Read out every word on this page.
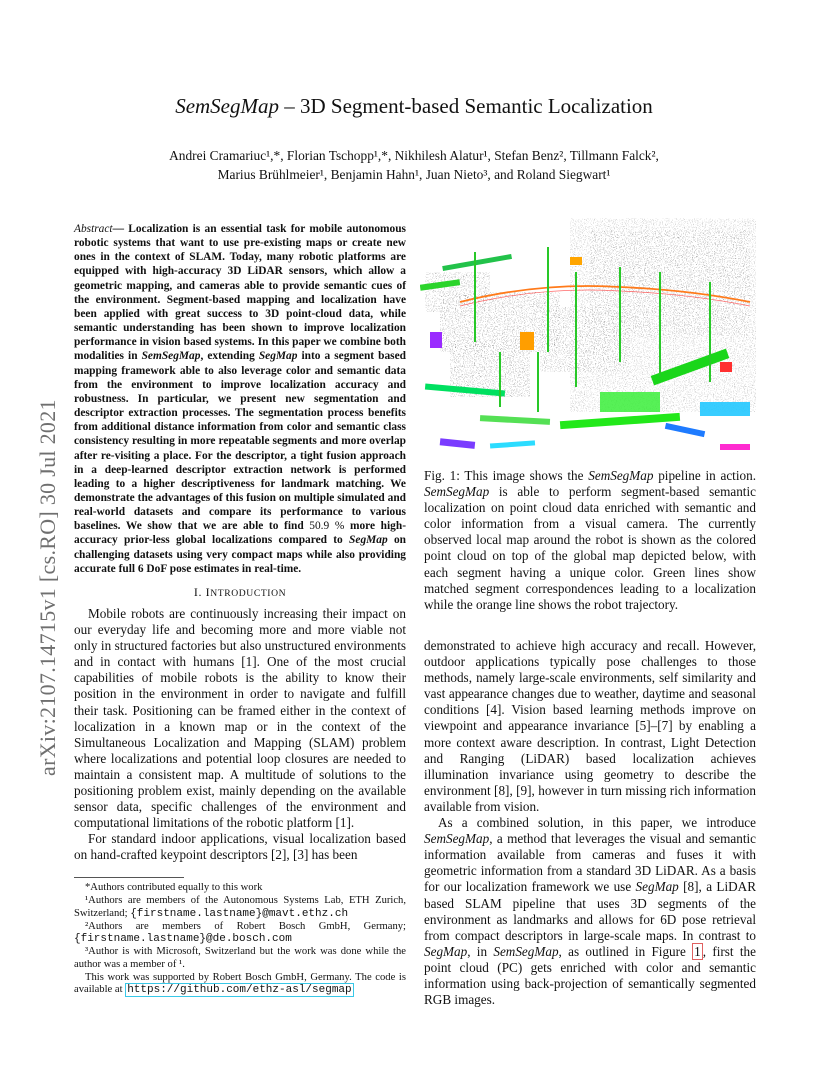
arXiv:2107.14715v1 [cs.RO] 30 Jul 2021
SemSegMap – 3D Segment-based Semantic Localization
Andrei Cramariuc¹,*, Florian Tschopp¹,*, Nikhilesh Alatur¹, Stefan Benz², Tillmann Falck²,
Marius Brühlmeier¹, Benjamin Hahn¹, Juan Nieto³, and Roland Siegwart¹
Abstract— Localization is an essential task for mobile autonomous robotic systems that want to use pre-existing maps or create new ones in the context of SLAM. Today, many robotic platforms are equipped with high-accuracy 3D LiDAR sensors, which allow a geometric mapping, and cameras able to provide semantic cues of the environment. Segment-based mapping and localization have been applied with great success to 3D point-cloud data, while semantic understanding has been shown to improve localization performance in vision based systems. In this paper we combine both modalities in SemSegMap, extending SegMap into a segment based mapping framework able to also leverage color and semantic data from the environment to improve localization accuracy and robustness. In particular, we present new segmentation and descriptor extraction processes. The segmentation process benefits from additional distance information from color and semantic class consistency resulting in more repeatable segments and more overlap after re-visiting a place. For the descriptor, a tight fusion approach in a deep-learned descriptor extraction network is performed leading to a higher descriptiveness for landmark matching. We demonstrate the advantages of this fusion on multiple simulated and real-world datasets and compare its performance to various baselines. We show that we are able to find 50.9 % more high-accuracy prior-less global localizations compared to SegMap on challenging datasets using very compact maps while also providing accurate full 6 DoF pose estimates in real-time.
I. INTRODUCTION

Mobile robots are continuously increasing their impact on our everyday life and becoming more and more viable not only in structured factories but also unstructured environments and in contact with humans [1]. One of the most crucial capabilities of mobile robots is the ability to know their position in the environment in order to navigate and fulfill their task. Positioning can be framed either in the context of localization in a known map or in the context of the Simultaneous Localization and Mapping (SLAM) problem where localizations and potential loop closures are needed to maintain a consistent map. A multitude of solutions to the positioning problem exist, mainly depending on the available sensor data, specific challenges of the environment and computational limitations of the robotic platform [1].

For standard indoor applications, visual localization based on hand-crafted keypoint descriptors [2], [3] has been

*Authors contributed equally to this work

¹Authors are members of the Autonomous Systems Lab, ETH Zurich, Switzerland; {firstname.lastname}@mavt.ethz.ch

²Authors are members of Robert Bosch GmbH, Germany; {firstname.lastname}@de.bosch.com

³Author is with Microsoft, Switzerland but the work was done while the author was a member of ¹.

This work was supported by Robert Bosch GmbH, Germany. The code is available at https://github.com/ethz-asl/segmap

Fig. 1: This image shows the SemSegMap pipeline in action. SemSegMap is able to perform segment-based semantic localization on point cloud data enriched with semantic and color information from a visual camera. The currently observed local map around the robot is shown as the colored point cloud on top of the global map depicted below, with each segment having a unique color. Green lines show matched segment correspondences leading to a localization while the orange line shows the robot trajectory.

demonstrated to achieve high accuracy and recall. However, outdoor applications typically pose challenges to those methods, namely large-scale environments, self similarity and vast appearance changes due to weather, daytime and seasonal conditions [4]. Vision based learning methods improve on viewpoint and appearance invariance [5]–[7] by enabling a more context aware description. In contrast, Light Detection and Ranging (LiDAR) based localization achieves illumination invariance using geometry to describe the environment [8], [9], however in turn missing rich information available from vision.

As a combined solution, in this paper, we introduce SemSegMap, a method that leverages the visual and semantic information available from cameras and fuses it with geometric information from a standard 3D LiDAR. As a basis for our localization framework we use SegMap [8], a LiDAR based SLAM pipeline that uses 3D segments of the environment as landmarks and allows for 6D pose retrieval from compact descriptors in large-scale maps. In contrast to SegMap, in SemSegMap, as outlined in Figure 1 , first the point cloud (PC) gets enriched with color and semantic information using back-projection of semantically segmented RGB images.
